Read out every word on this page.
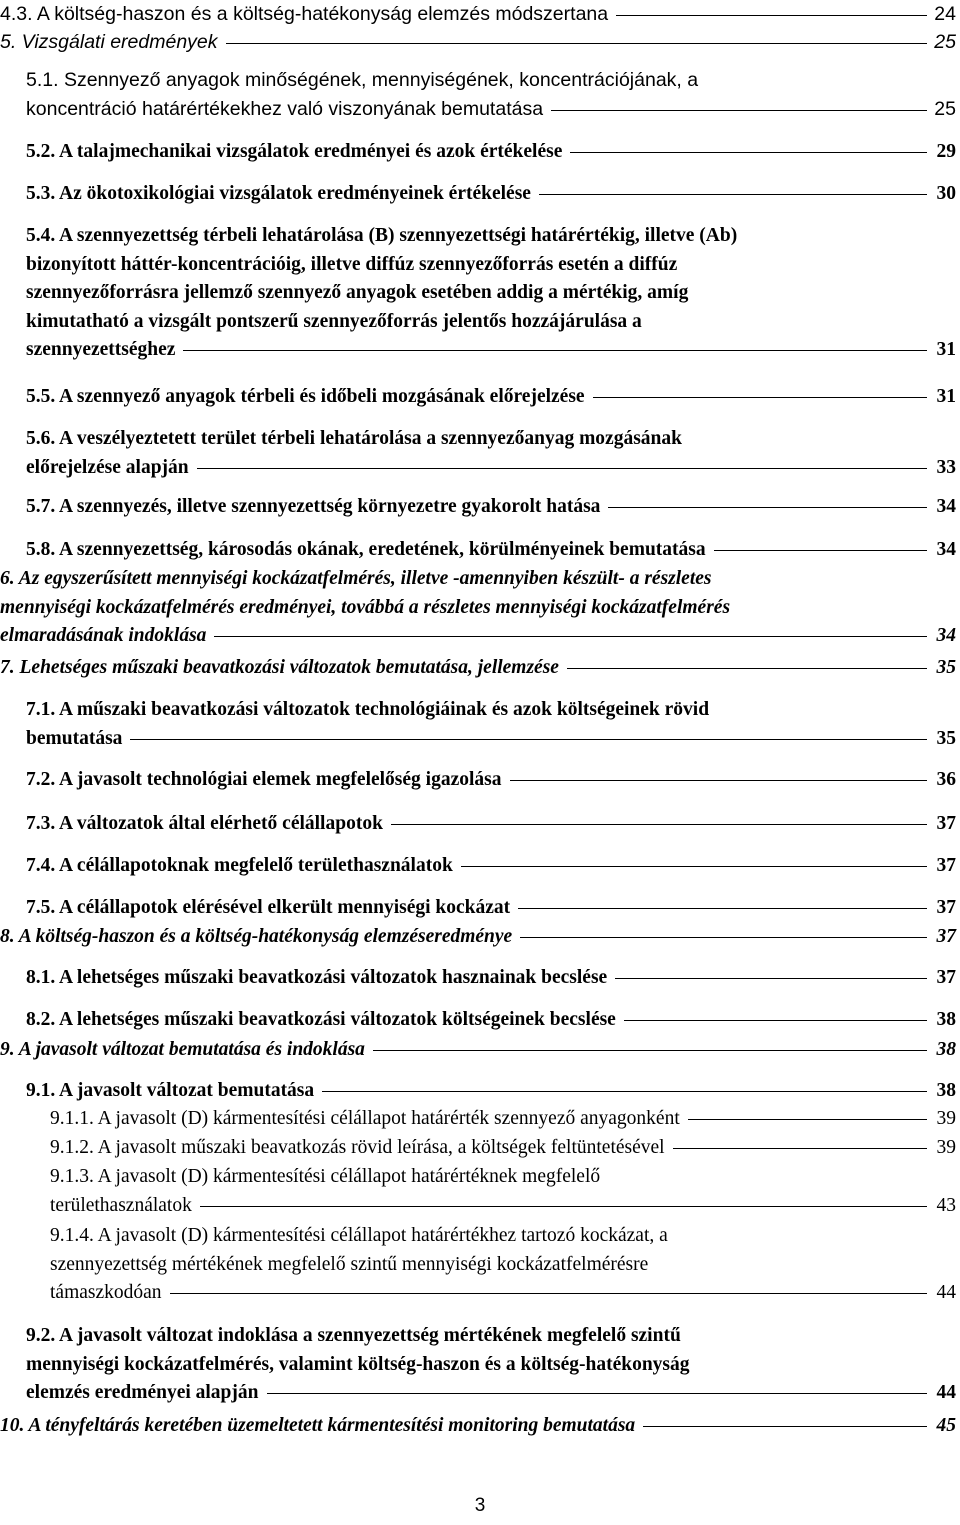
4.3. A költség-haszon és a költség-hatékonyság elemzés módszertana	24
5. Vizsgálati eredmények	25
5.1. Szennyező anyagok minőségének, mennyiségének, koncentrációjának, a
koncentráció határértékekhez való viszonyának bemutatása	25
5.2. A talajmechanikai vizsgálatok eredményei és azok értékelése	29
5.3. Az ökotoxikológiai vizsgálatok eredményeinek értékelése	30
5.4. A szennyezettség térbeli lehatárolása (B) szennyezettségi határértékig, illetve (Ab)
bizonyított háttér-koncentrációig, illetve diffúz szennyezőforrás esetén a diffúz
szennyezőforrásra jellemző szennyező anyagok esetében addig a mértékig, amíg
kimutatható a vizsgált pontszerű szennyezőforrás jelentős hozzájárulása a
szennyezettséghez	31
5.5. A szennyező anyagok térbeli és időbeli mozgásának előrejelzése	31
5.6. A veszélyeztetett terület térbeli lehatárolása a szennyezőanyag mozgásának
előrejelzése alapján	33
5.7. A szennyezés, illetve szennyezettség környezetre gyakorolt hatása	34
5.8. A szennyezettség, károsodás okának, eredetének, körülményeinek bemutatása	34
6. Az egyszerűsített mennyiségi kockázatfelmérés, illetve -amennyiben készült- a részletes
mennyiségi kockázatfelmérés eredményei, továbbá a részletes mennyiségi kockázatfelmérés
elmaradásának indoklása	34
7. Lehetséges műszaki beavatkozási változatok bemutatása, jellemzése	35
7.1. A műszaki beavatkozási változatok technológiáinak és azok költségeinek rövid
bemutatása	35
7.2. A javasolt technológiai elemek megfelelőség igazolása	36
7.3. A változatok által elérhető célállapotok	37
7.4. A célállapotoknak megfelelő területhasználatok	37
7.5. A célállapotok elérésével elkerült mennyiségi kockázat	37
8. A költség-haszon és a költség-hatékonyság elemzéseredménye	37
8.1. A lehetséges műszaki beavatkozási változatok hasznainak becslése	37
8.2. A lehetséges műszaki beavatkozási változatok költségeinek becslése	38
9. A javasolt változat bemutatása és indoklása	38
9.1. A javasolt változat bemutatása	38
9.1.1. A javasolt (D) kármentesítési célállapot határérték szennyező anyagonként	39
9.1.2. A javasolt műszaki beavatkozás rövid leírása, a költségek feltüntetésével	39
9.1.3. A javasolt (D) kármentesítési célállapot határértéknek megfelelő
területhasználatok	43
9.1.4. A javasolt (D) kármentesítési célállapot határértékhez tartozó kockázat, a
szennyezettség mértékének megfelelő szintű mennyiségi kockázatfelmérésre
támaszkodóan	44
9.2. A javasolt változat indoklása a szennyezettség mértékének megfelelő szintű
mennyiségi kockázatfelmérés, valamint költség-haszon és a költség-hatékonyság
elemzés eredményei alapján	44
10. A tényfeltárás keretében üzemeltetett kármentesítési monitoring bemutatása	45
3
